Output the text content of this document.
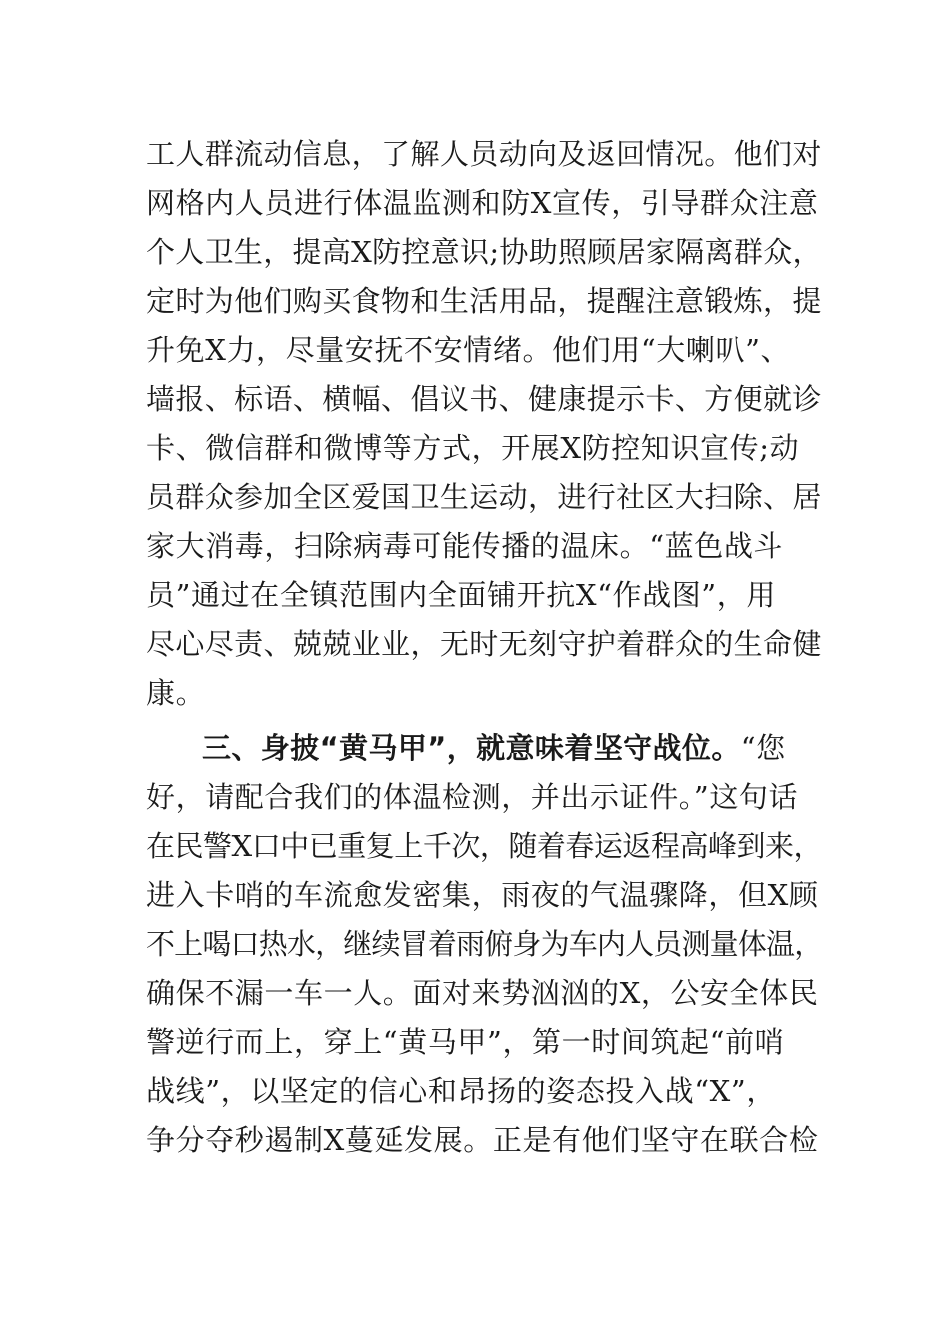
工人群流动信息，了解人员动向及返回情况。他们对
网格内人员进行体温监测和防X宣传，引导群众注意
个人卫生，提高X防控意识;协助照顾居家隔离群众，
定时为他们购买食物和生活用品，提醒注意锻炼，提
升免X力，尽量安抚不安情绪。他们用“大喇叭”、
墙报、标语、横幅、倡议书、健康提示卡、方便就诊
卡、微信群和微博等方式，开展X防控知识宣传;动
员群众参加全区爱国卫生运动，进行社区大扫除、居
家大消毒，扫除病毒可能传播的温床。“蓝色战斗
员”通过在全镇范围内全面铺开抗X“作战图”，用
尽心尽责、兢兢业业，无时无刻守护着群众的生命健
康。
三、身披“黄马甲”，就意味着坚守战位。“您
好，请配合我们的体温检测，并出示证件。”这句话
在民警X口中已重复上千次，随着春运返程高峰到来，
进入卡哨的车流愈发密集，雨夜的气温骤降，但X顾
不上喝口热水，继续冒着雨俯身为车内人员测量体温，
确保不漏一车一人。面对来势汹汹的X，公安全体民
警逆行而上，穿上“黄马甲”，第一时间筑起“前哨
战线”，以坚定的信心和昂扬的姿态投入战“X”，
争分夺秒遏制X蔓延发展。正是有他们坚守在联合检
